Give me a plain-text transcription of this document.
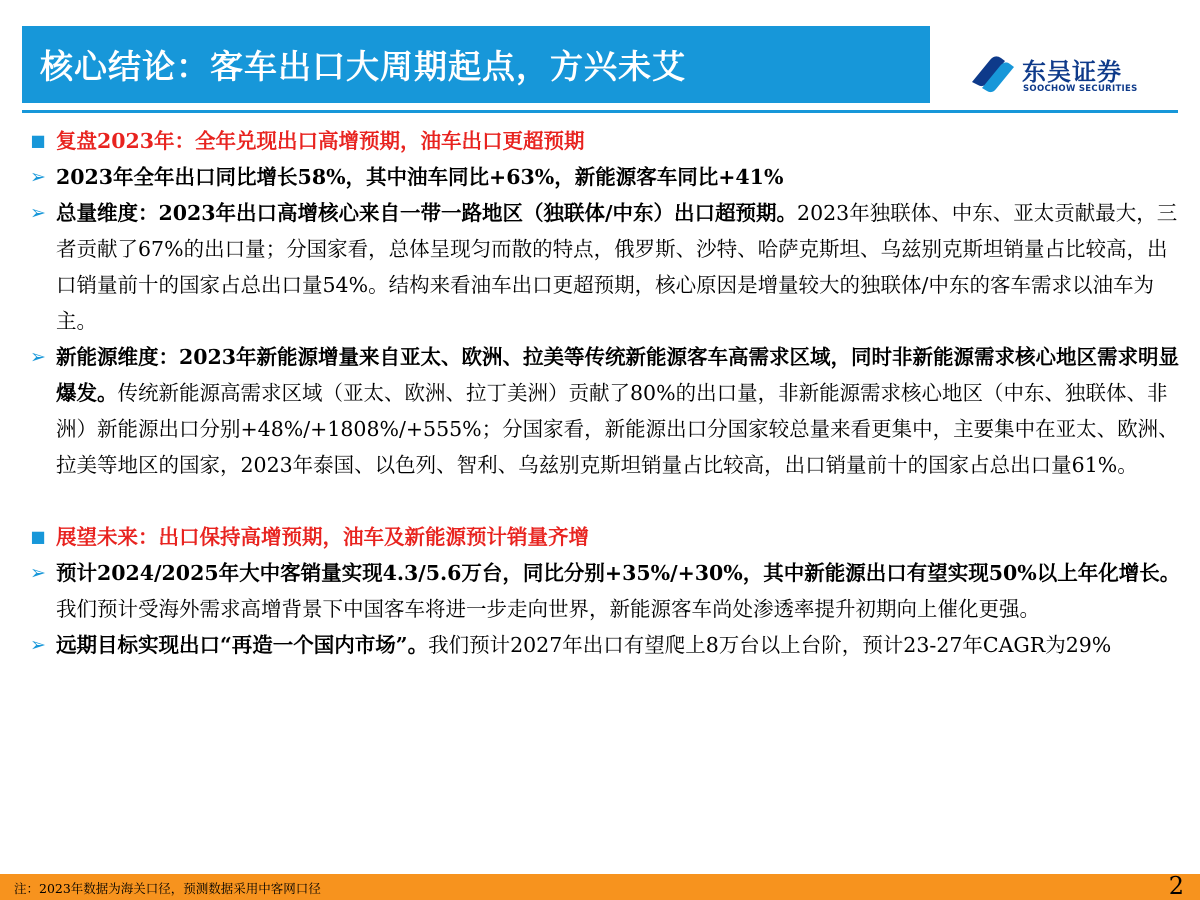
核心结论：客车出口大周期起点，方兴未艾	东吴证券
SOOCHOW SECURITIES
■ 复盘2023年：全年兑现出口高增预期，油车出口更超预期
➢ 2023年全年出口同比增长58%，其中油车同比+63%，新能源客车同比+41%
➢ 总量维度：2023年出口高增核心来自一带一路地区（独联体/中东）出口超预期。2023年独联体、中东、亚太贡献最大，三者贡献了67%的出口量；分国家看，总体呈现匀而散的特点，俄罗斯、沙特、哈萨克斯坦、乌兹别克斯坦销量占比较高，出口销量前十的国家占总出口量54%。结构来看油车出口更超预期，核心原因是增量较大的独联体/中东的客车需求以油车为主。
➢ 新能源维度：2023年新能源增量来自亚太、欧洲、拉美等传统新能源客车高需求区域，同时非新能源需求核心地区需求明显爆发。传统新能源高需求区域（亚太、欧洲、拉丁美洲）贡献了80%的出口量，非新能源需求核心地区（中东、独联体、非洲）新能源出口分别+48%/+1808%/+555%；分国家看，新能源出口分国家较总量来看更集中，主要集中在亚太、欧洲、拉美等地区的国家，2023年泰国、以色列、智利、乌兹别克斯坦销量占比较高，出口销量前十的国家占总出口量61%。
■ 展望未来：出口保持高增预期，油车及新能源预计销量齐增
➢ 预计2024/2025年大中客销量实现4.3/5.6万台，同比分别+35%/+30%，其中新能源出口有望实现50%以上年化增长。我们预计受海外需求高增背景下中国客车将进一步走向世界，新能源客车尚处渗透率提升初期向上催化更强。
➢ 远期目标实现出口“再造一个国内市场”。我们预计2027年出口有望爬上8万台以上台阶，预计23-27年CAGR为29%
注：2023年数据为海关口径，预测数据采用中客网口径	2
